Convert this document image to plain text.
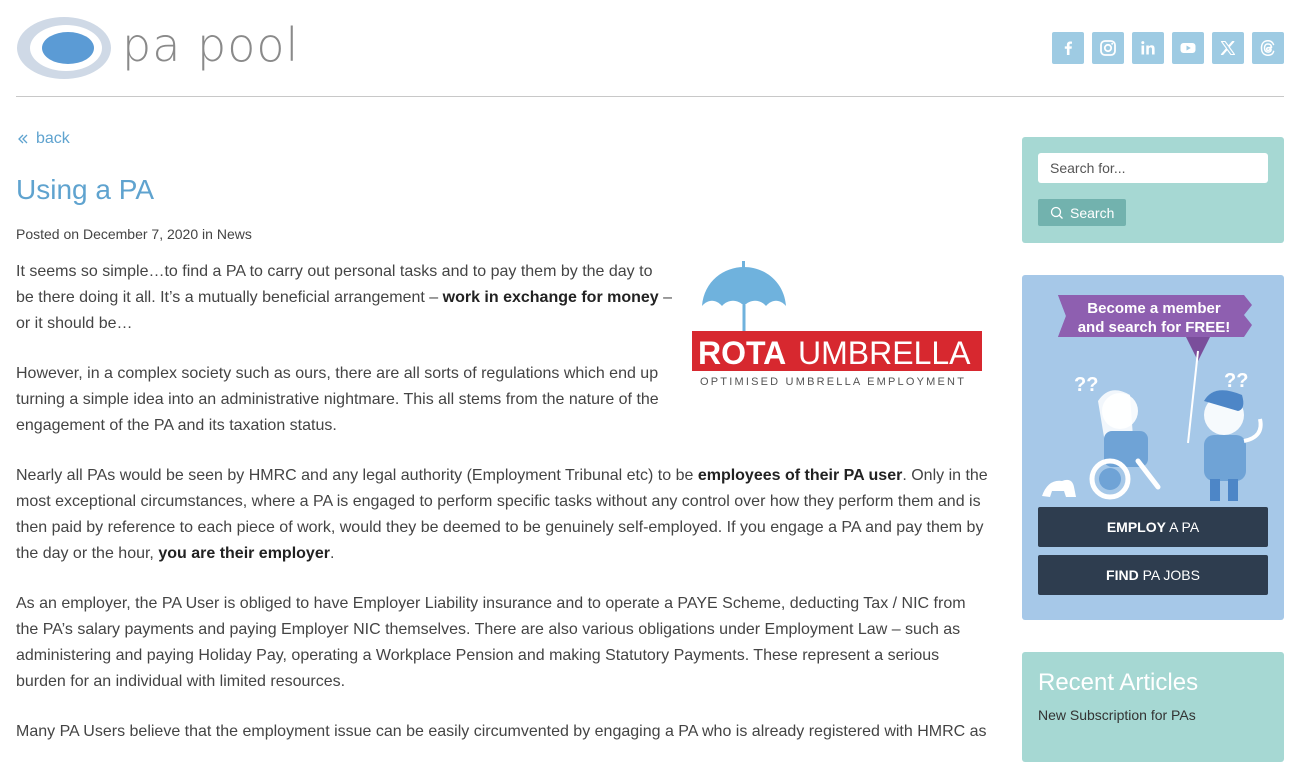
pa pool
back
Using a PA
Posted on December 7, 2020 in News
ROTA UMBRELLA
OPTIMISED UMBRELLA EMPLOYMENT

It seems so simple…to find a PA to carry out personal tasks and to pay them by the day to be there doing it all. It’s a mutually beneficial arrangement – work in exchange for money – or it should be…

However, in a complex society such as ours, there are all sorts of regulations which end up turning a simple idea into an administrative nightmare. This all stems from the nature of the engagement of the PA and its taxation status.

Nearly all PAs would be seen by HMRC and any legal authority (Employment Tribunal etc) to be employees of their PA user. Only in the most exceptional circumstances, where a PA is engaged to perform specific tasks without any control over how they perform them and is then paid by reference to each piece of work, would they be deemed to be genuinely self-employed. If you engage a PA and pay them by the day or the hour, you are their employer.

As an employer, the PA User is obliged to have Employer Liability insurance and to operate a PAYE Scheme, deducting Tax / NIC from the PA’s salary payments and paying Employer NIC themselves. There are also various obligations under Employment Law – such as administering and paying Holiday Pay, operating a Workplace Pension and making Statutory Payments. These represent a serious burden for an individual with limited resources.

Many PA Users believe that the employment issue can be easily circumvented by engaging a PA who is already registered with HMRC as

Search for...
Search
Become a member
and search for FREE!
??	??
EMPLOY A PA
FIND PA JOBS
Recent Articles
New Subscription for PAs
